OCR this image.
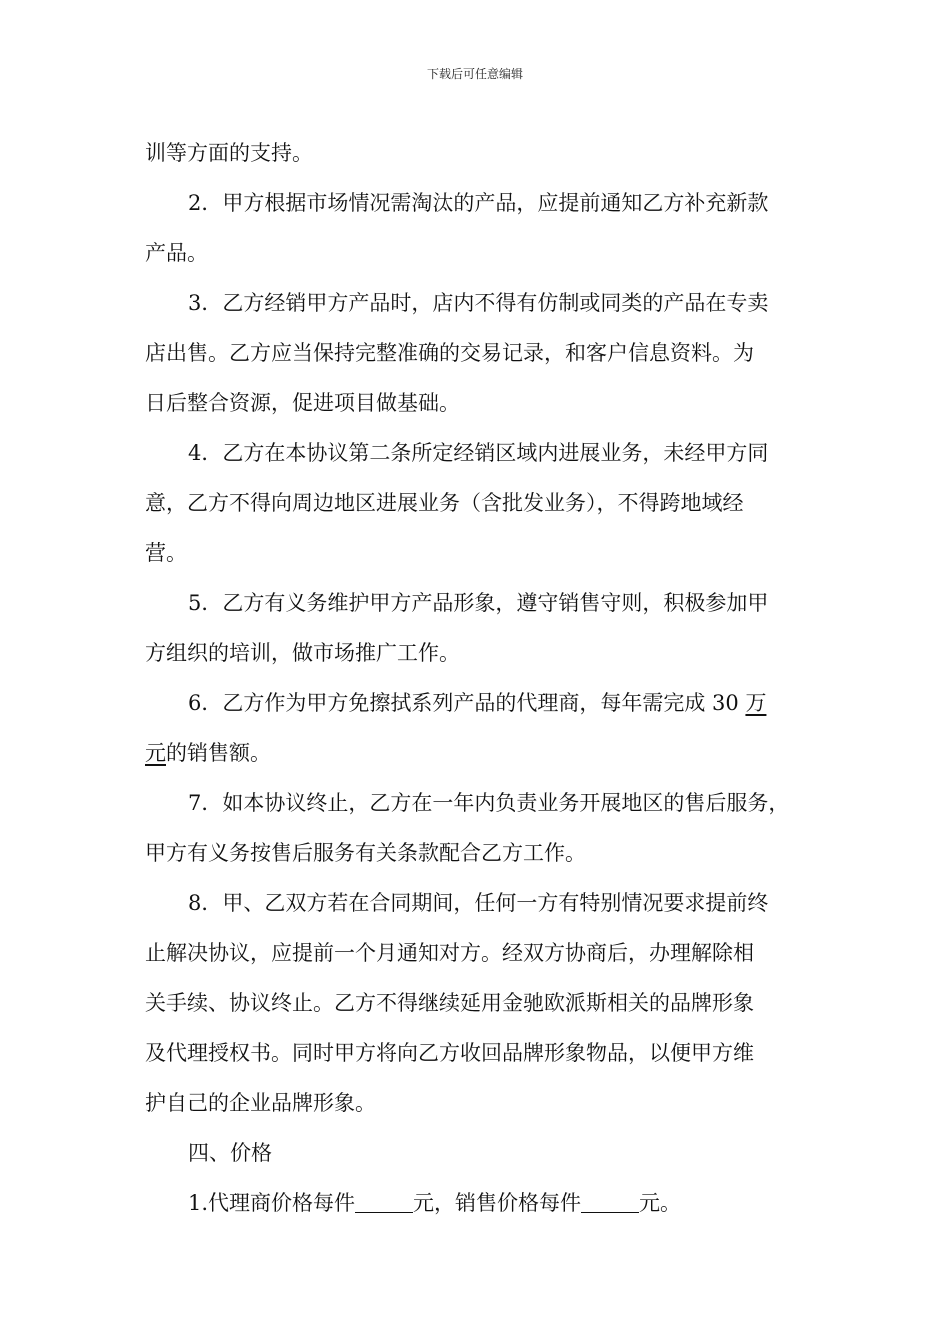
下载后可任意编辑
训等方面的支持。
2．甲方根据市场情况需淘汰的产品，应提前通知乙方补充新款
产品。
3．乙方经销甲方产品时，店内不得有仿制或同类的产品在专卖
店出售。乙方应当保持完整准确的交易记录，和客户信息资料。为
日后整合资源，促进项目做基础。
4．乙方在本协议第二条所定经销区域内进展业务，未经甲方同
意，乙方不得向周边地区进展业务（含批发业务），不得跨地域经
营。
5．乙方有义务维护甲方产品形象，遵守销售守则，积极参加甲
方组织的培训，做市场推广工作。
6．乙方作为甲方免擦拭系列产品的代理商，每年需完成 30 万
元的销售额。
7．如本协议终止，乙方在一年内负责业务开展地区的售后服务，
甲方有义务按售后服务有关条款配合乙方工作。
8．甲、乙双方若在合同期间，任何一方有特别情况要求提前终
止解决协议，应提前一个月通知对方。经双方协商后，办理解除相
关手续、协议终止。乙方不得继续延用金驰欧派斯相关的品牌形象
及代理授权书。同时甲方将向乙方收回品牌形象物品，以便甲方维
护自己的企业品牌形象。
四、价格
1.代理商价格每件	元，销售价格每件	元。
